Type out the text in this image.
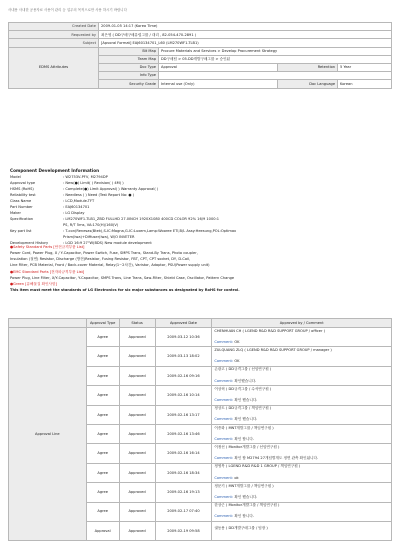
사내용 사내한 공용자료 사용이 관리 등 업무의 목적으로만 사용 하시기 바랍니다
Created Date	2009-01-05 14:17 (Korea Time)			
Requested by	최은영 ( DD구매구매유럽그룹 / 대리 , 82-054-470-2891 )			
Subject	[Apvoral Format] EAJ60134701_L60 (LM270WF1-TLB1)			
EDMS Attributes	Bit Map	Procure Materials and Services > Develop Procurement Strategy		
	Team Map	DD구매팀 > 05.DD개발구매그룹 > 승인됨		
	Doc Type	Approval	Retention	5 Year
	Info Type			
	Security Grade	Internal use (Only)	Doc Language	Korean
Component Development Information
Model	: W2753V-PFV, M2794DP
Approval type	: New(●) Limit( ) Revision( ) 4M( )
HSMS (RoHS)	: Complete(●) Limit Approval( ) Warranty Approval( )
Reliability test	: Needless ( ) Need (Test Report No: ● )
Class Name	: LCD,Module-TFT
Part Number	: EAJ60134701
Maker	: LG Display
Specification	: LM270WF1-TLB1_ZBD FULLHD 27.0INCH 1920X1080 400CD COLOR 92% 16/9 1000:1
PS, R/T 5ms, VA:170(H)/160(V)
Key part list	: T-con(Renesas(Btek),S-IC:Magna,G-IC:Luxem,Lamp:Wooree ETI,B/L Assy:Heesung,POL:Optimax
Prism(Iwa)+Diffuser(Iwa), W/O INVETER
Development History	: LGD 16:9 27"W(BDS) New module development
●Safety Standard Parts [안전규격부품 List]
Power Cord, Power Plug, X / Y-Capacitor, Power Switch, Fuse, SMPS Trans, Stand-By Trans, Photo coupler,
Insulation (절연) Resistor, Discharge (방전)Resistor, Fusing Resistor, FBT, CPT, CPT socket, DY, D-Coil,
Line Filter, PCB Material, Front / Back-cover Material, Relay(1~2차간), Varistor, Adaptor, PSU(Power supply unit)
●EMC Standard Parts [전자파규격부품 List]
Power Plug, Line Filter, X/Y-Capacitor, Y-Capacitor, SMPS Trans, Line Trans, Saw-Filter, Shield Case, Oscillator, Pattern Change
●Green [유해물질 확인사항]
This item must meet the standards of LG Electronics for six major substances as designated by RoHS for control.
	Approval Type	Status	Approved Date	Approved by / Comment
Approval Line	Agree	Approved	2009-03-12 10:36	CHENHUAN CH ( LGEND R&D R&D SUPPORT GROUP / officer )
Comment: OK

	Agree	Approved	2009-03-13 18:02	ZULQUANG ZLQ ( LGEND R&D R&D SUPPORT GROUP / manager )
Comment: OK

	Agree	Approved	2009-02-16 09:16	손광고 ( DD규격그룹 / 선임연구원 )
Comment: 확인했습니다.

	Agree	Approved	2009-02-16 10:14	이상혁 ( DD규격그룹 / 수석연구원 )
Comment: 확인 했습니다.

	Agree	Approved	2009-02-16 13:17	정상도 ( DD규격그룹 / 책임연구원 )
Comment: 확인 했습니다.

	Agree	Approved	2009-02-16 13:46	이종화 ( MNT개발그룹 / 책임연구원 )
Comment: 확인 합니다.

	Agree	Approved	2009-02-16 16:14	이정선 ( Monitor개발그룹 / 선임연구원 )
Comment: 확인 합 M2794 27개념별개도 정면 관측 확인됩니다.

	Agree	Approved	2009-02-16 18:34	정영목 ( LGEND R&D R&D 1 GROUP / 책임연구원 )
Comment: ok

	Agree	Approved	2009-02-16 19:13	정문기 ( MNT개발그룹 / 책임연구원 )
Comment: 확인 했습니다.

	Agree	Approved	2009-02-17 07:40	한상근 ( Monitor개발그룹 / 책임연구원 )
Comment: 확인 합니다.

	Approval	Approved	2009-02-19 09:58	권동용 ( DD개발구매그룹 / 팀장 )
